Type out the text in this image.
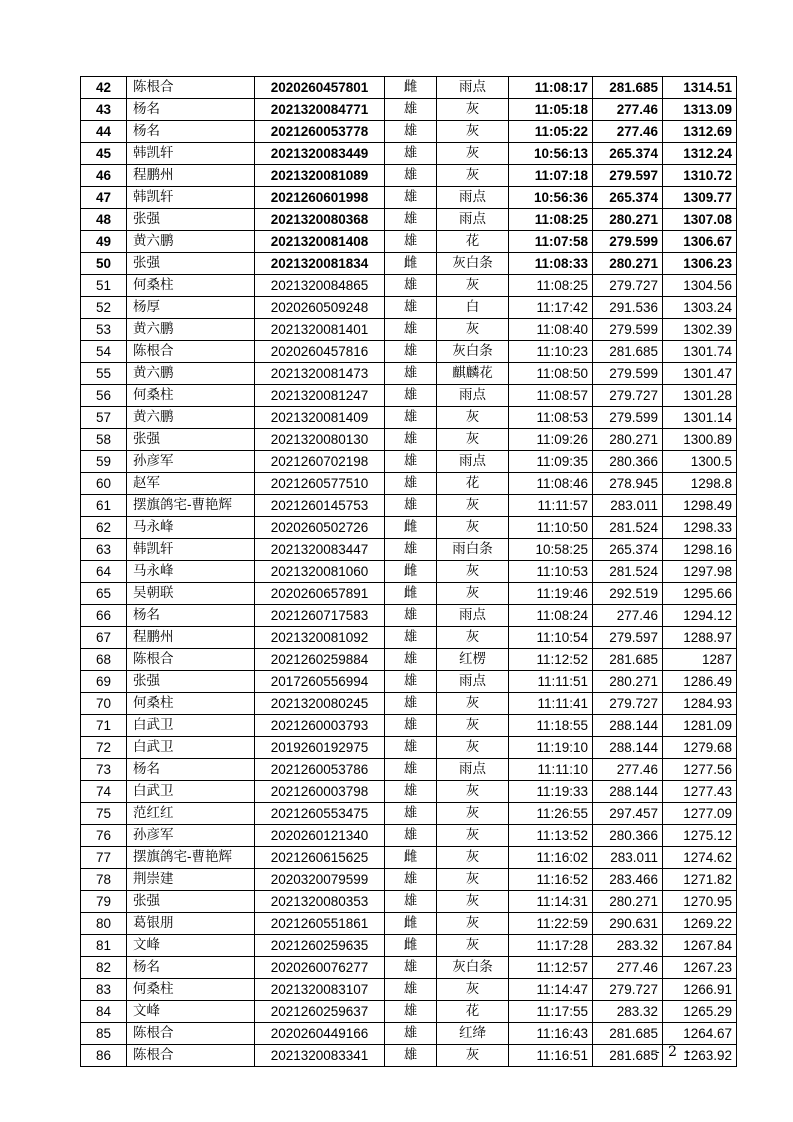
42	陈根合	2020260457801	雌	雨点	11:08:17	281.685	1314.51
43	杨名	2021320084771	雄	灰	11:05:18	277.46	1313.09
44	杨名	2021260053778	雄	灰	11:05:22	277.46	1312.69
45	韩凯轩	2021320083449	雄	灰	10:56:13	265.374	1312.24
46	程鹏州	2021320081089	雄	灰	11:07:18	279.597	1310.72
47	韩凯轩	2021260601998	雄	雨点	10:56:36	265.374	1309.77
48	张强	2021320080368	雄	雨点	11:08:25	280.271	1307.08
49	黄六鹏	2021320081408	雄	花	11:07:58	279.599	1306.67
50	张强	2021320081834	雌	灰白条	11:08:33	280.271	1306.23
51	何桑柱	2021320084865	雄	灰	11:08:25	279.727	1304.56
52	杨厚	2020260509248	雄	白	11:17:42	291.536	1303.24
53	黄六鹏	2021320081401	雄	灰	11:08:40	279.599	1302.39
54	陈根合	2020260457816	雄	灰白条	11:10:23	281.685	1301.74
55	黄六鹏	2021320081473	雄	麒麟花	11:08:50	279.599	1301.47
56	何桑柱	2021320081247	雄	雨点	11:08:57	279.727	1301.28
57	黄六鹏	2021320081409	雄	灰	11:08:53	279.599	1301.14
58	张强	2021320080130	雄	灰	11:09:26	280.271	1300.89
59	孙彦军	2021260702198	雄	雨点	11:09:35	280.366	1300.5
60	赵军	2021260577510	雄	花	11:08:46	278.945	1298.8
61	摆旗鸽宅-曹艳辉	2021260145753	雄	灰	11:11:57	283.011	1298.49
62	马永峰	2020260502726	雌	灰	11:10:50	281.524	1298.33
63	韩凯轩	2021320083447	雄	雨白条	10:58:25	265.374	1298.16
64	马永峰	2021320081060	雌	灰	11:10:53	281.524	1297.98
65	吴朝联	2020260657891	雌	灰	11:19:46	292.519	1295.66
66	杨名	2021260717583	雄	雨点	11:08:24	277.46	1294.12
67	程鹏州	2021320081092	雄	灰	11:10:54	279.597	1288.97
68	陈根合	2021260259884	雄	红楞	11:12:52	281.685	1287
69	张强	2017260556994	雄	雨点	11:11:51	280.271	1286.49
70	何桑柱	2021320080245	雄	灰	11:11:41	279.727	1284.93
71	白武卫	2021260003793	雄	灰	11:18:55	288.144	1281.09
72	白武卫	2019260192975	雄	灰	11:19:10	288.144	1279.68
73	杨名	2021260053786	雄	雨点	11:11:10	277.46	1277.56
74	白武卫	2021260003798	雄	灰	11:19:33	288.144	1277.43
75	范红红	2021260553475	雄	灰	11:26:55	297.457	1277.09
76	孙彦军	2020260121340	雄	灰	11:13:52	280.366	1275.12
77	摆旗鸽宅-曹艳辉	2021260615625	雌	灰	11:16:02	283.011	1274.62
78	荆崇建	2020320079599	雄	灰	11:16:52	283.466	1271.82
79	张强	2021320080353	雄	灰	11:14:31	280.271	1270.95
80	葛银朋	2021260551861	雌	灰	11:22:59	290.631	1269.22
81	文峰	2021260259635	雌	灰	11:17:28	283.32	1267.84
82	杨名	2020260076277	雄	灰白条	11:12:57	277.46	1267.23
83	何桑柱	2021320083107	雄	灰	11:14:47	279.727	1266.91
84	文峰	2021260259637	雄	花	11:17:55	283.32	1265.29
85	陈根合	2020260449166	雄	红绛	11:16:43	281.685	1264.67
86	陈根合	2021320083341	雄	灰	11:16:51	281.685	1263.92
- 2 -
